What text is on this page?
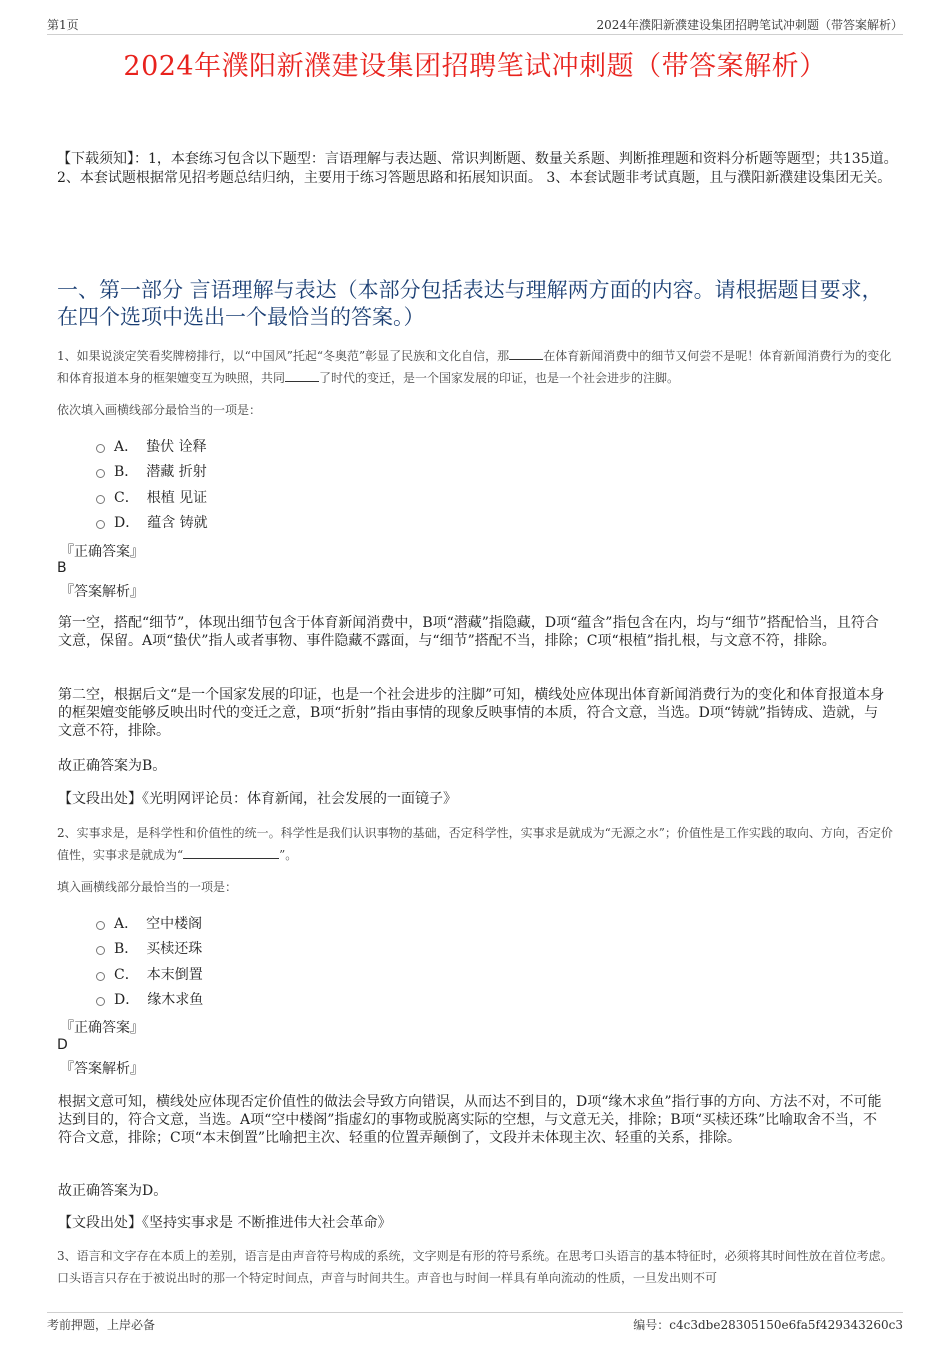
第1页	2024年濮阳新濮建设集团招聘笔试冲刺题（带答案解析）
2024年濮阳新濮建设集团招聘笔试冲刺题（带答案解析）
【下载须知】：1，本套练习包含以下题型：言语理解与表达题、常识判断题、数量关系题、判断推理题和资料分析题等题型；共135道。 2、本套试题根据常见招考题总结归纳，主要用于练习答题思路和拓展知识面。 3、本套试题非考试真题，且与濮阳新濮建设集团无关。
一、第一部分 言语理解与表达（本部分包括表达与理解两方面的内容。请根据题目要求，在四个选项中选出一个最恰当的答案。）
1、如果说淡定笑看奖牌榜排行，以“中国风”托起“冬奥范”彰显了民族和文化自信，那	在体育新闻消费中的细节又何尝不是呢！体育新闻消费行为的变化和体育报道本身的框架嬗变互为映照，共同	了时代的变迁，是一个国家发展的印证，也是一个社会进步的注脚。
依次填入画横线部分最恰当的一项是：
A． 蛰伏 诠释
B． 潜藏 折射
C． 根植 见证
D． 蕴含 铸就
『正确答案』
B
『答案解析』
第一空，搭配“细节”，体现出细节包含于体育新闻消费中，B项“潜藏”指隐藏，D项“蕴含”指包含在内，均与“细节”搭配恰当，且符合文意，保留。A项“蛰伏”指人或者事物、事件隐藏不露面，与“细节”搭配不当，排除；C项“根植”指扎根，与文意不符，排除。
第二空，根据后文“是一个国家发展的印证，也是一个社会进步的注脚”可知，横线处应体现出体育新闻消费行为的变化和体育报道本身的框架嬗变能够反映出时代的变迁之意，B项“折射”指由事情的现象反映事情的本质，符合文意，当选。D项“铸就”指铸成、造就，与文意不符，排除。
故正确答案为B。
【文段出处】《光明网评论员：体育新闻，社会发展的一面镜子》
2、实事求是，是科学性和价值性的统一。科学性是我们认识事物的基础，否定科学性，实事求是就成为“无源之水”；价值性是工作实践的取向、方向，否定价值性，实事求是就成为“	”。
填入画横线部分最恰当的一项是：
A． 空中楼阁
B． 买椟还珠
C． 本末倒置
D． 缘木求鱼
『正确答案』
D
『答案解析』
根据文意可知，横线处应体现否定价值性的做法会导致方向错误，从而达不到目的，D项“缘木求鱼”指行事的方向、方法不对，不可能达到目的，符合文意，当选。A项“空中楼阁”指虚幻的事物或脱离实际的空想，与文意无关，排除；B项“买椟还珠”比喻取舍不当，不符合文意，排除；C项“本末倒置”比喻把主次、轻重的位置弄颠倒了，文段并未体现主次、轻重的关系，排除。
故正确答案为D。
【文段出处】《坚持实事求是 不断推进伟大社会革命》
3、语言和文字存在本质上的差别，语言是由声音符号构成的系统，文字则是有形的符号系统。在思考口头语言的基本特征时，必须将其时间性放在首位考虑。口头语言只存在于被说出时的那一个特定时间点，声音与时间共生。声音也与时间一样具有单向流动的性质，一旦发出则不可
考前押题，上岸必备	编号：c4c3dbe28305150e6fa5f429343260c3
